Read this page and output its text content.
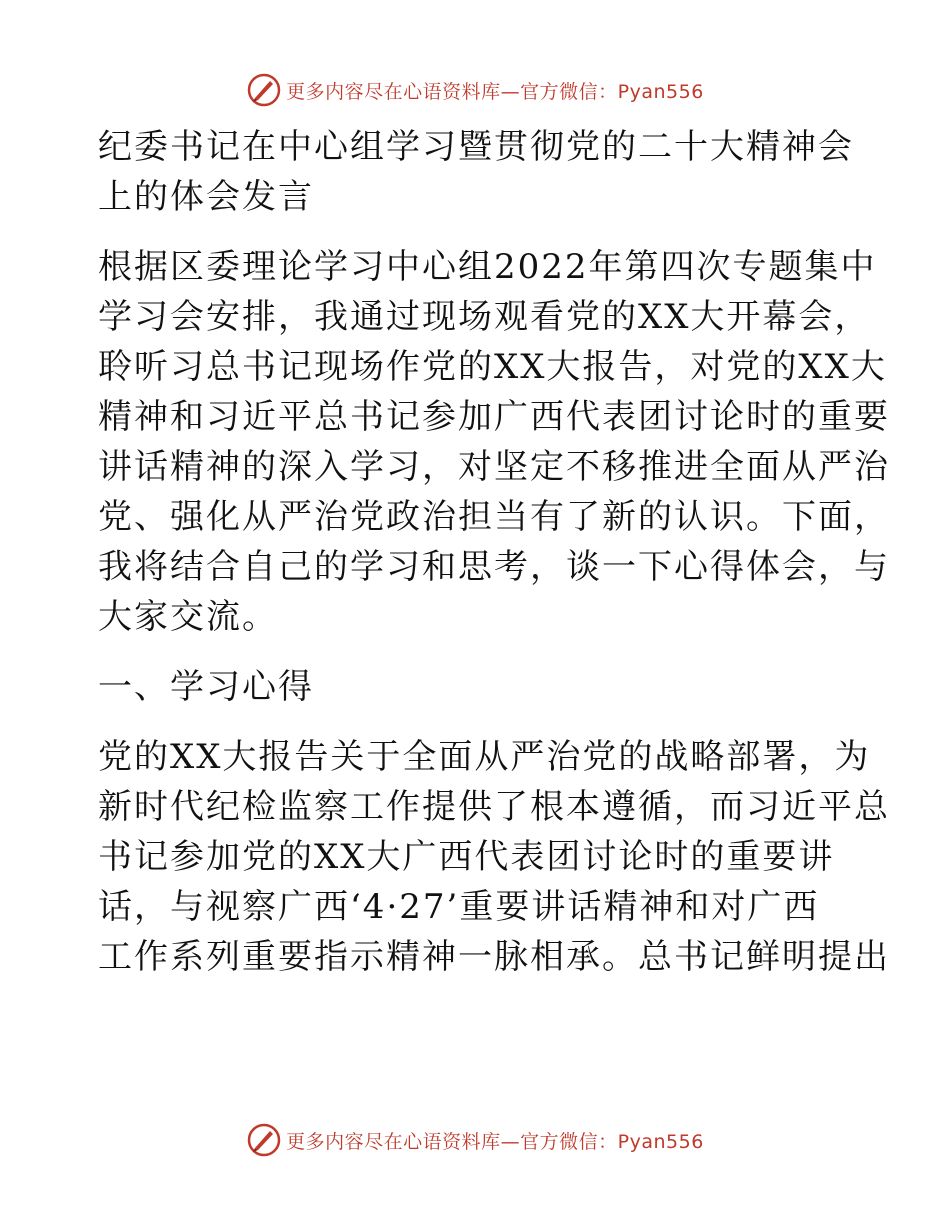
更多内容尽在心语资料库—官方微信：Pyan556
纪委书记在中心组学习暨贯彻党的二十大精神会
上的体会发言
根据区委理论学习中心组2022年第四次专题集中
学习会安排，我通过现场观看党的XX大开幕会，
聆听习总书记现场作党的XX大报告，对党的XX大
精神和习近平总书记参加广西代表团讨论时的重要
讲话精神的深入学习，对坚定不移推进全面从严治
党、强化从严治党政治担当有了新的认识。下面，
我将结合自己的学习和思考，谈一下心得体会，与
大家交流。
一、学习心得
党的XX大报告关于全面从严治党的战略部署，为
新时代纪检监察工作提供了根本遵循，而习近平总
书记参加党的XX大广西代表团讨论时的重要讲
话，与视察广西‘4·27’重要讲话精神和对广西
工作系列重要指示精神一脉相承。总书记鲜明提出
更多内容尽在心语资料库—官方微信：Pyan556
